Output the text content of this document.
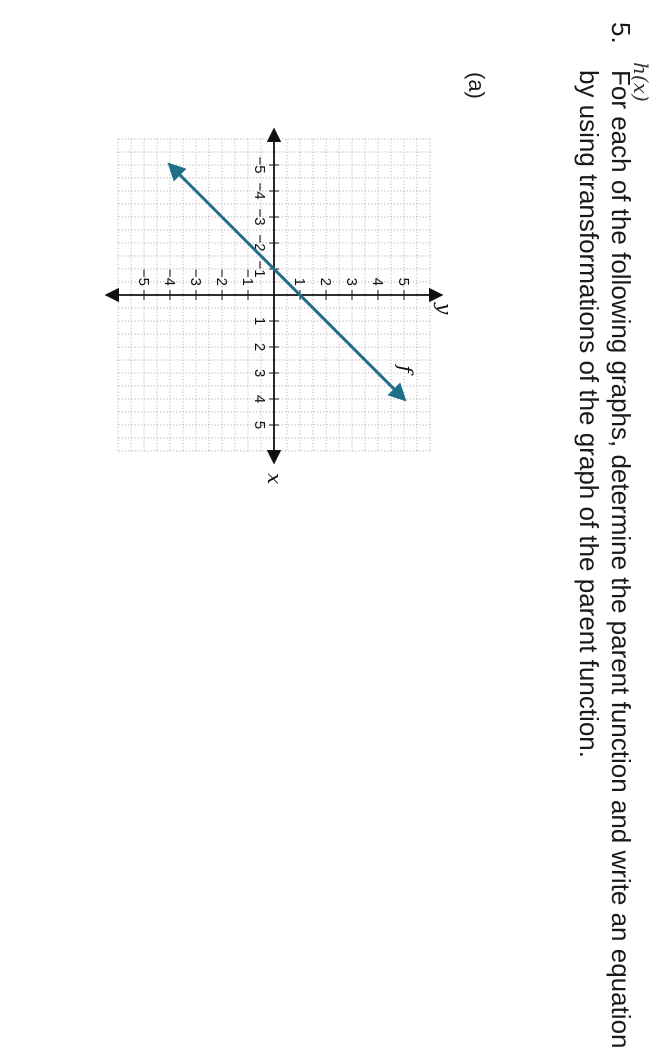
h(x)
5.
For each of the following graphs, determine the parent function and write an equation
by using transformations of the graph of the parent function.
(a)
−5
−4
−3
−2
−1
1
2
3
4
5
−5 −4 −3 −2 −1 1 2 3 4 5
x
y
f
